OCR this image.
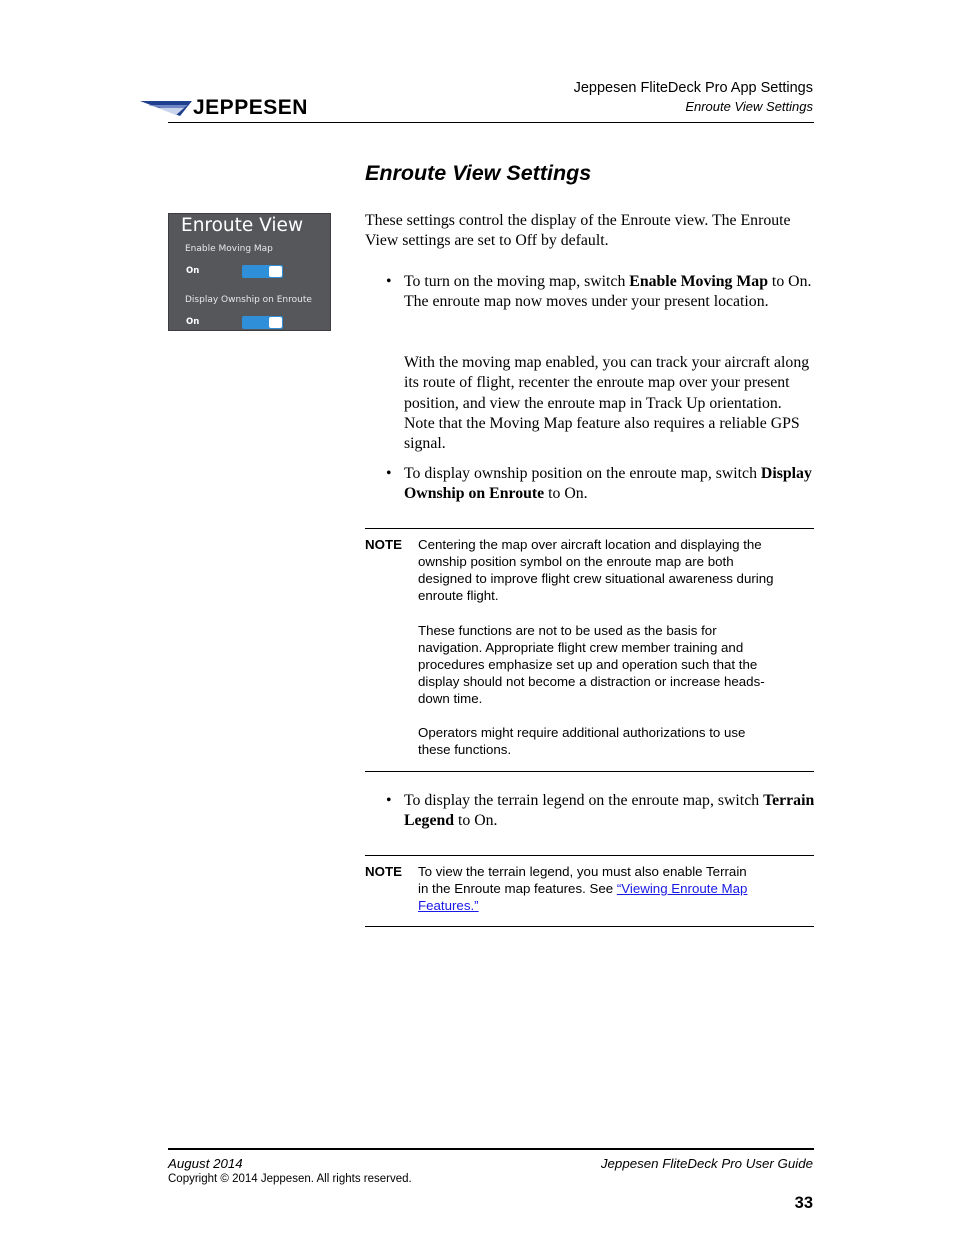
JEPPESEN
Jeppesen FliteDeck Pro App Settings
Enroute View Settings
Enroute View Settings
Enroute View
Enable Moving Map
On
Display Ownship on Enroute
On
These settings control the display of the Enroute view. The Enroute View settings are set to Off by default.
• To turn on the moving map, switch Enable Moving Map to On. The enroute map now moves under your present location.
With the moving map enabled, you can track your aircraft along its route of flight, recenter the enroute map over your present position, and view the enroute map in Track Up orientation. Note that the Moving Map feature also requires a reliable GPS signal.
• To display ownship position on the enroute map, switch Display Ownship on Enroute to On.
NOTE Centering the map over aircraft location and displaying the ownship position symbol on the enroute map are both designed to improve flight crew situational awareness during enroute flight.
These functions are not to be used as the basis for navigation. Appropriate flight crew member training and procedures emphasize set up and operation such that the display should not become a distraction or increase heads-down time.
Operators might require additional authorizations to use these functions.
• To display the terrain legend on the enroute map, switch Terrain Legend to On.
NOTE To view the terrain legend, you must also enable Terrain in the Enroute map features. See “Viewing Enroute Map Features.”
August 2014	Jeppesen FliteDeck Pro User Guide
Copyright © 2014 Jeppesen. All rights reserved.
33
